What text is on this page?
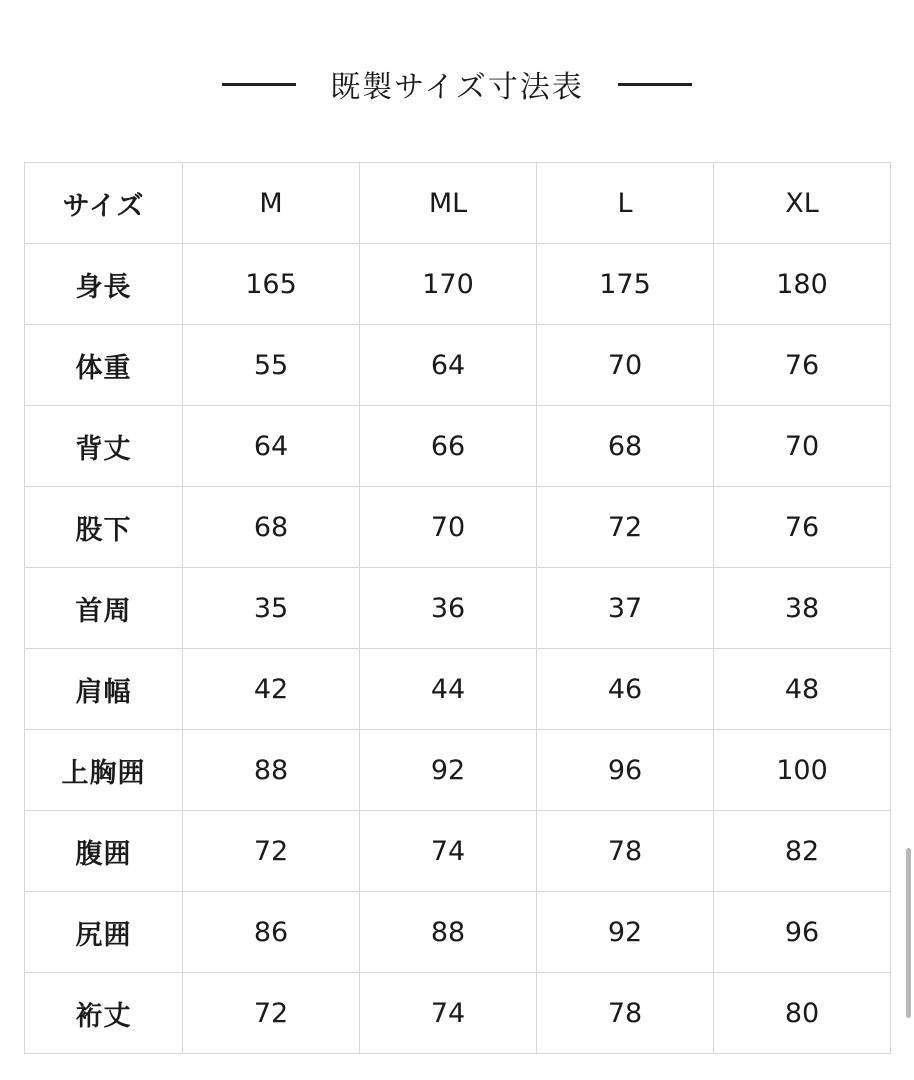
既製サイズ寸法表
サイズ	M	ML	L	XL
身長	165	170	175	180
体重	55	64	70	76
背丈	64	66	68	70
股下	68	70	72	76
首周	35	36	37	38
肩幅	42	44	46	48
上胸囲	88	92	96	100
腹囲	72	74	78	82
尻囲	86	88	92	96
裄丈	72	74	78	80
